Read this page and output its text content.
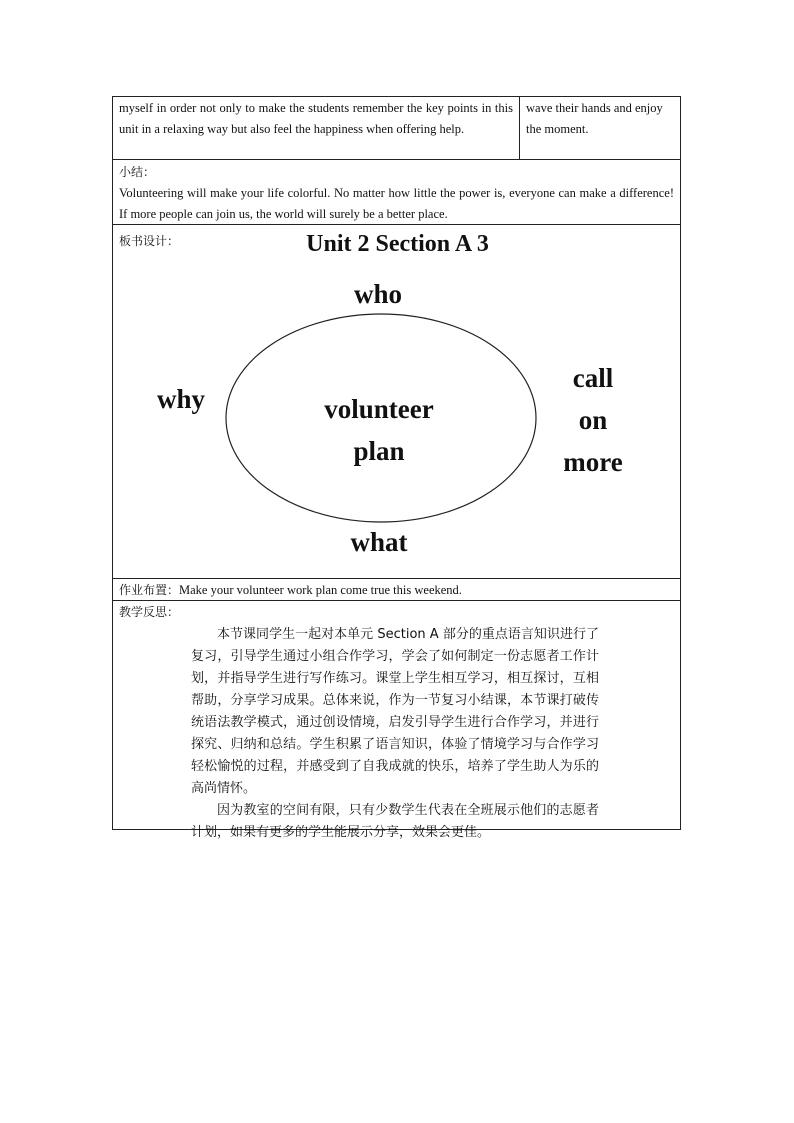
myself in order not only to make the students remember the key points in this unit in a relaxing way but also feel the happiness when offering help.
wave their hands and enjoy the moment.
小结：
Volunteering will make your life colorful. No matter how little the power is, everyone can make a difference! If more people can join us, the world will surely be a better place.
板书设计：	Unit 2 Section A 3
who
why	volunteer
plan
call
on
more
what
作业布置：Make your volunteer work plan come true this weekend.
教学反思：

本节课同学生一起对本单元 Section A 部分的重点语言知识进行了复习，引导学生通过小组合作学习，学会了如何制定一份志愿者工作计划，并指导学生进行写作练习。课堂上学生相互学习，相互探讨，互相帮助，分享学习成果。总体来说，作为一节复习小结课，本节课打破传统语法教学模式，通过创设情境，启发引导学生进行合作学习，并进行探究、归纳和总结。学生积累了语言知识，体验了情境学习与合作学习轻松愉悦的过程，并感受到了自我成就的快乐，培养了学生助人为乐的高尚情怀。

因为教室的空间有限，只有少数学生代表在全班展示他们的志愿者计划，如果有更多的学生能展示分享，效果会更佳。
